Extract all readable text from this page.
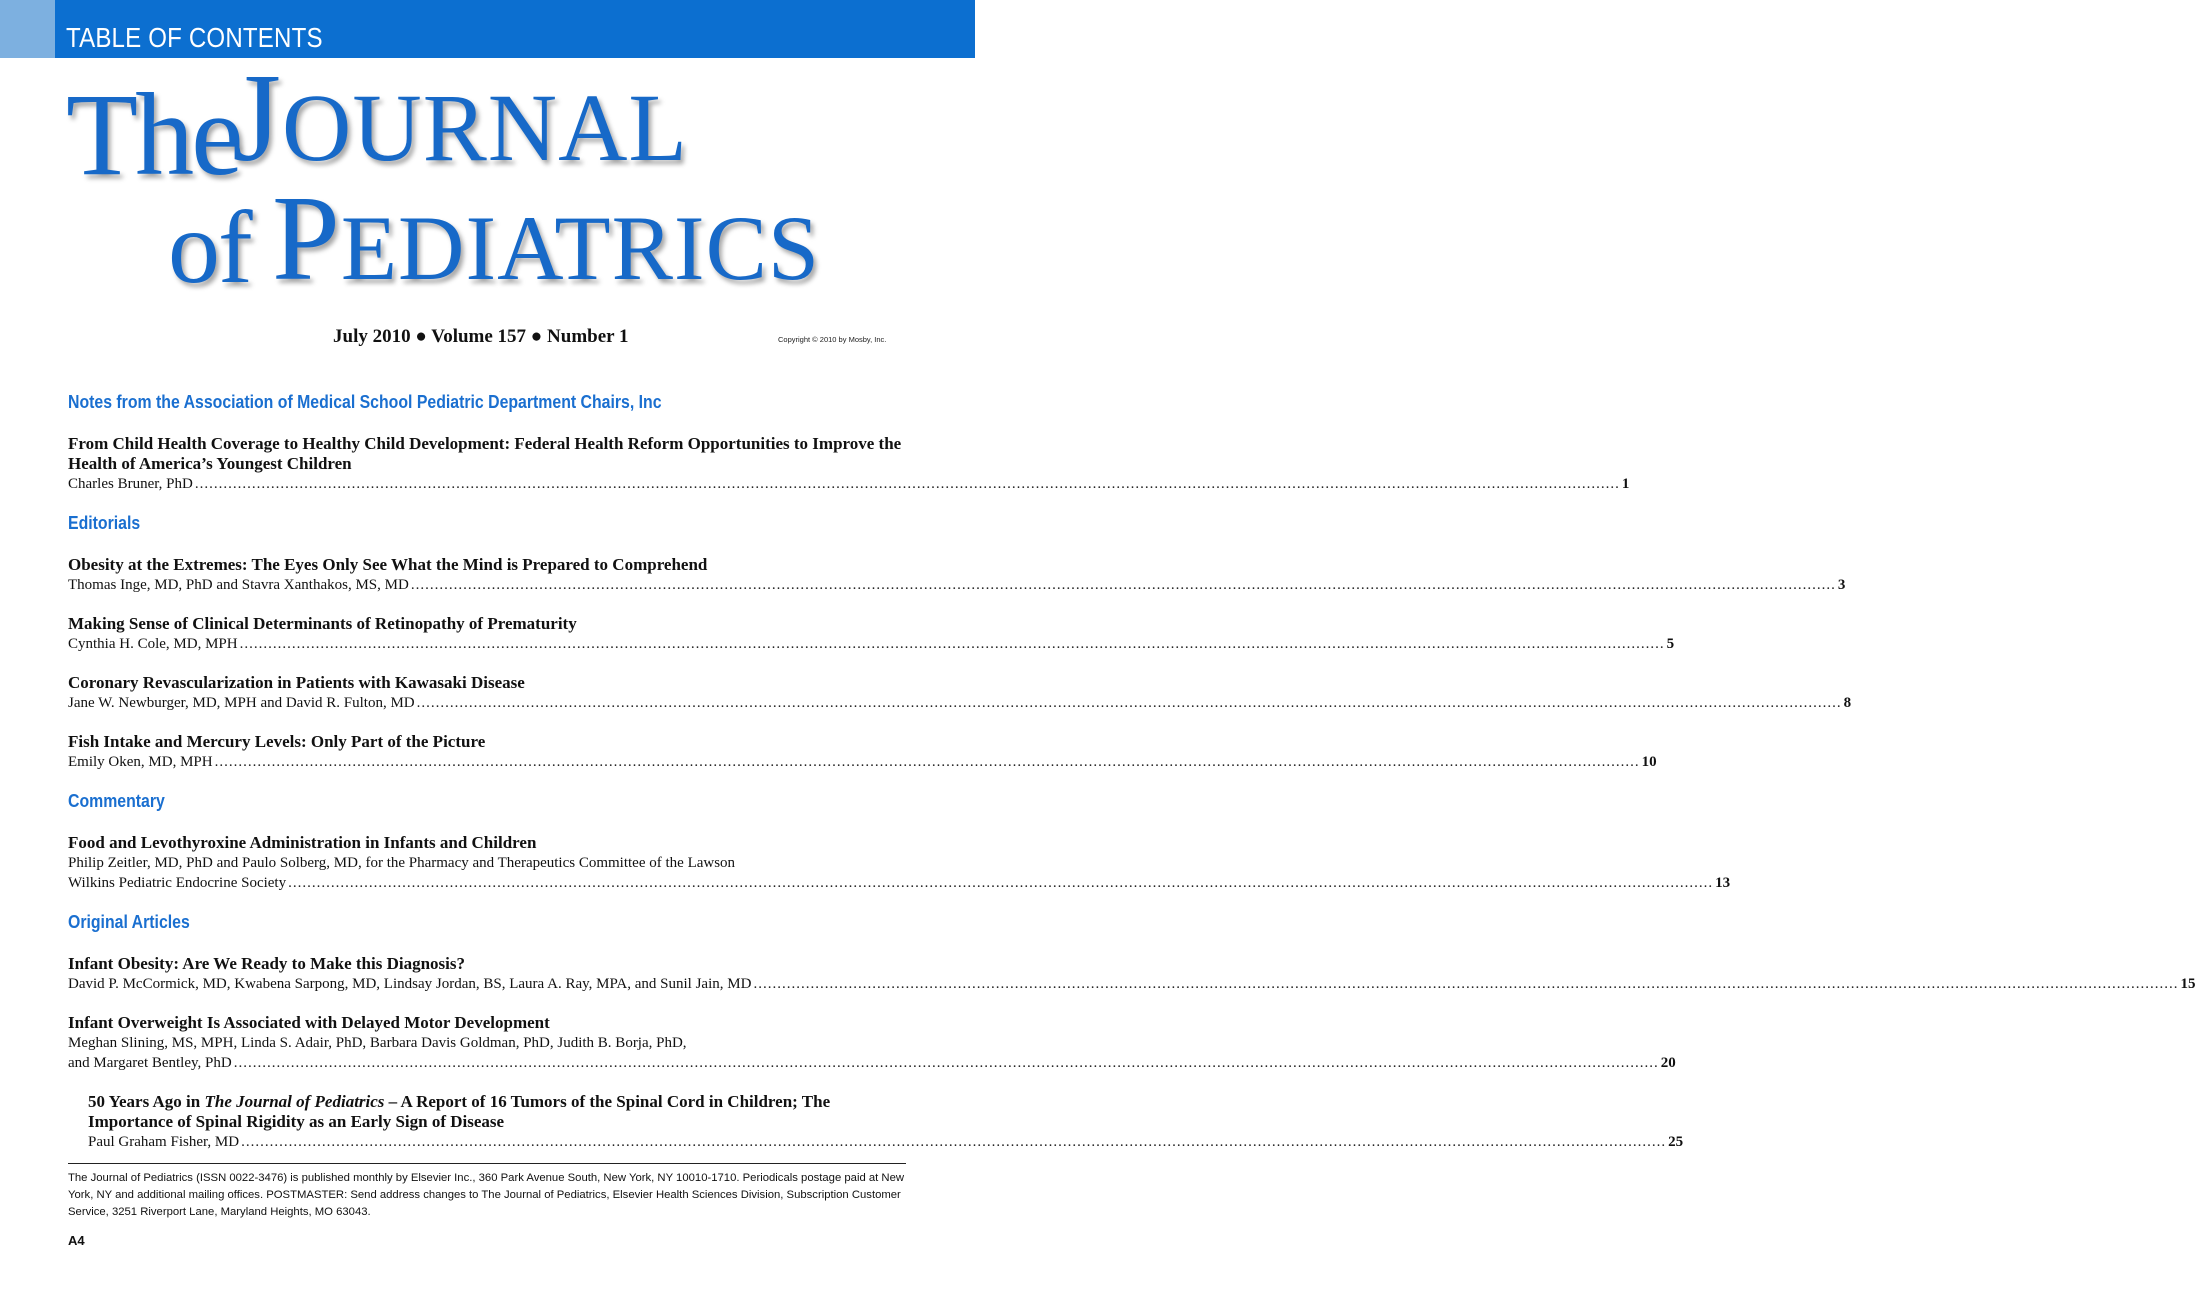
TABLE OF CONTENTS
The
JOURNAL
of PEDIATRICS
July 2010 ● Volume 157 ● Number 1	Copyright © 2010 by Mosby, Inc.
Notes from the Association of Medical School Pediatric Department Chairs, Inc
From Child Health Coverage to Healthy Child Development: Federal Health Reform Opportunities to Improve the Health of America’s Youngest Children
Charles Bruner, PhD ............................................................................................................................................................................................................................................................................................................ 1
Editorials
Obesity at the Extremes: The Eyes Only See What the Mind is Prepared to Comprehend
Thomas Inge, MD, PhD and Stavra Xanthakos, MS, MD ............................................................................................................................................................................................................................................................................................................ 3
Making Sense of Clinical Determinants of Retinopathy of Prematurity
Cynthia H. Cole, MD, MPH ............................................................................................................................................................................................................................................................................................................ 5
Coronary Revascularization in Patients with Kawasaki Disease
Jane W. Newburger, MD, MPH and David R. Fulton, MD ............................................................................................................................................................................................................................................................................................................ 8
Fish Intake and Mercury Levels: Only Part of the Picture
Emily Oken, MD, MPH ............................................................................................................................................................................................................................................................................................................ 10
Commentary
Food and Levothyroxine Administration in Infants and Children
Philip Zeitler, MD, PhD and Paulo Solberg, MD, for the Pharmacy and Therapeutics Committee of the Lawson
Wilkins Pediatric Endocrine Society ............................................................................................................................................................................................................................................................................................................ 13
Original Articles
Infant Obesity: Are We Ready to Make this Diagnosis?
David P. McCormick, MD, Kwabena Sarpong, MD, Lindsay Jordan, BS, Laura A. Ray, MPA, and Sunil Jain, MD ............................................................................................................................................................................................................................................................................................................ 15
Infant Overweight Is Associated with Delayed Motor Development
Meghan Slining, MS, MPH, Linda S. Adair, PhD, Barbara Davis Goldman, PhD, Judith B. Borja, PhD,
and Margaret Bentley, PhD ............................................................................................................................................................................................................................................................................................................ 20
50 Years Ago in The Journal of Pediatrics – A Report of 16 Tumors of the Spinal Cord in Children; The Importance of Spinal Rigidity as an Early Sign of Disease
Paul Graham Fisher, MD ............................................................................................................................................................................................................................................................................................................ 25
The Journal of Pediatrics (ISSN 0022-3476) is published monthly by Elsevier Inc., 360 Park Avenue South, New York, NY 10010-1710. Periodicals postage paid at New York, NY and additional mailing offices. POSTMASTER: Send address changes to The Journal of Pediatrics, Elsevier Health Sciences Division, Subscription Customer Service, 3251 Riverport Lane, Maryland Heights, MO 63043.
A4
